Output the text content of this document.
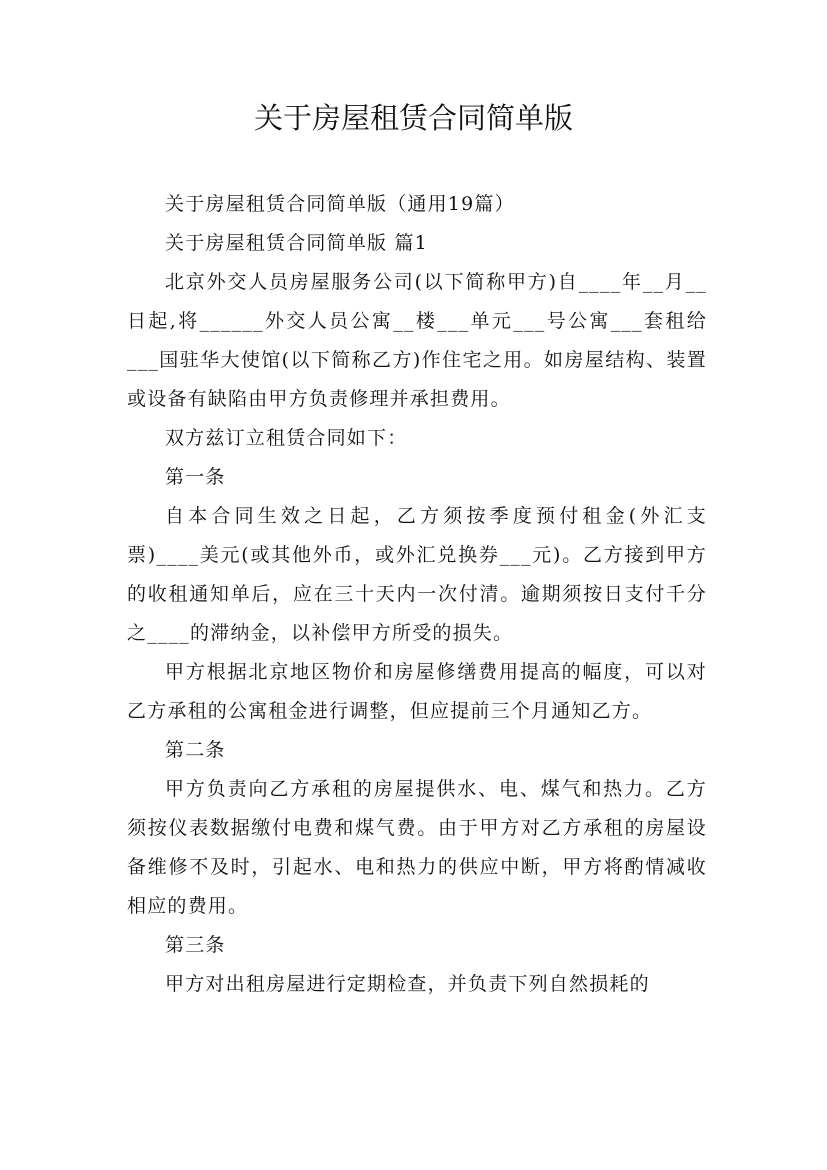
关于房屋租赁合同简单版

关于房屋租赁合同简单版（通用19篇）

关于房屋租赁合同简单版 篇1

北京外交人员房屋服务公司(以下简称甲方)自____年__月__日起,将______外交人员公寓__楼___单元___号公寓___套租给___国驻华大使馆(以下简称乙方)作住宅之用。如房屋结构、装置或设备有缺陷由甲方负责修理并承担费用。

双方兹订立租赁合同如下：

第一条

自本合同生效之日起，乙方须按季度预付租金(外汇支票)____美元(或其他外币，或外汇兑换券___元)。乙方接到甲方的收租通知单后，应在三十天内一次付清。逾期须按日支付千分之____的滞纳金，以补偿甲方所受的损失。

甲方根据北京地区物价和房屋修缮费用提高的幅度，可以对乙方承租的公寓租金进行调整，但应提前三个月通知乙方。

第二条

甲方负责向乙方承租的房屋提供水、电、煤气和热力。乙方须按仪表数据缴付电费和煤气费。由于甲方对乙方承租的房屋设备维修不及时，引起水、电和热力的供应中断，甲方将酌情减收相应的费用。

第三条

甲方对出租房屋进行定期检查，并负责下列自然损耗的
